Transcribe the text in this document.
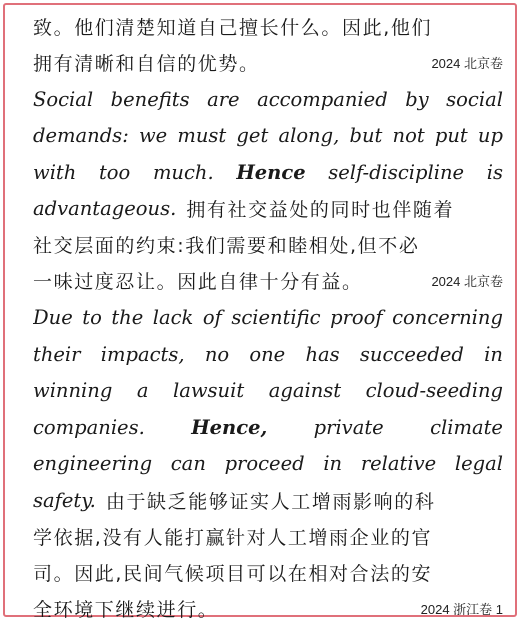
致。他们清楚知道自己擅长什么。因此,他们
拥有清晰和自信的优势。	2024 北京卷
Social benefits are accompanied by social
demands: we must get along, but not put up
with too much. Hence self-discipline is
advantageous. 拥有社交益处的同时也伴随着
社交层面的约束:我们需要和睦相处,但不必
一味过度忍让。因此自律十分有益。	2024 北京卷
Due to the lack of scientific proof concerning
their impacts, no one has succeeded in
winning a lawsuit against cloud-seeding
companies. Hence, private climate
engineering can proceed in relative legal
safety. 由于缺乏能够证实人工增雨影响的科
学依据,没有人能打赢针对人工增雨企业的官
司。因此,民间气候项目可以在相对合法的安
全环境下继续进行。	2024 浙江卷 1
